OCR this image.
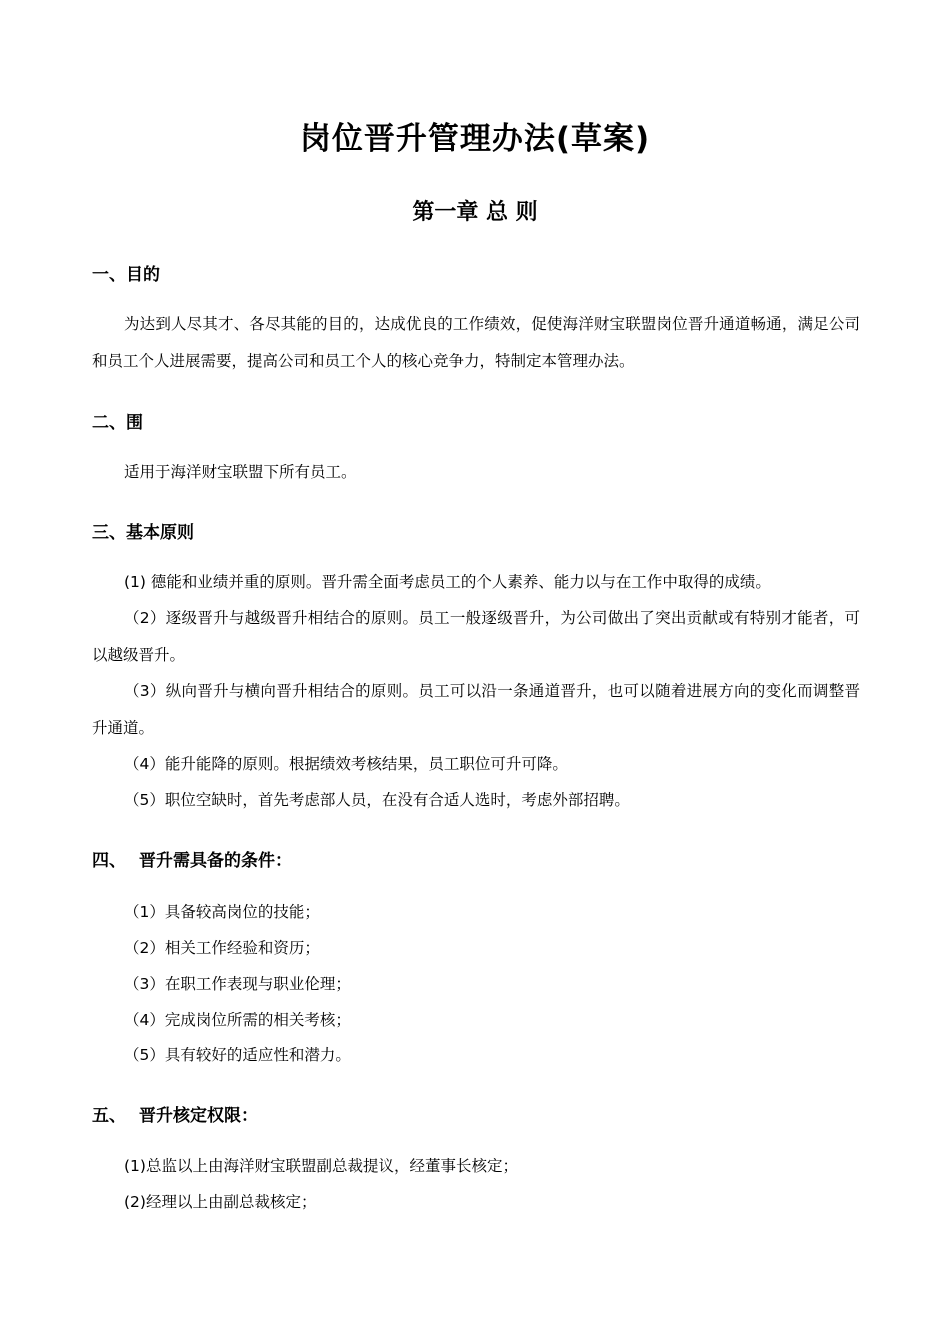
岗位晋升管理办法(草案)
第一章 总 则
一、目的
为达到人尽其才、各尽其能的目的，达成优良的工作绩效，促使海洋财宝联盟岗位晋升通道畅通，满足公司和员工个人进展需要，提高公司和员工个人的核心竞争力，特制定本管理办法。
二、围
适用于海洋财宝联盟下所有员工。
三、基本原则
(1) 德能和业绩并重的原则。晋升需全面考虑员工的个人素养、能力以与在工作中取得的成绩。
（2）逐级晋升与越级晋升相结合的原则。员工一般逐级晋升，为公司做出了突出贡献或有特别才能者，可以越级晋升。
（3）纵向晋升与横向晋升相结合的原则。员工可以沿一条通道晋升，也可以随着进展方向的变化而调整晋升通道。
（4）能升能降的原则。根据绩效考核结果，员工职位可升可降。
（5）职位空缺时，首先考虑部人员，在没有合适人选时，考虑外部招聘。
四、 晋升需具备的条件：
（1）具备较高岗位的技能；
（2）相关工作经验和资历；
（3）在职工作表现与职业伦理；
（4）完成岗位所需的相关考核；
（5）具有较好的适应性和潜力。
五、 晋升核定权限：
(1)总监以上由海洋财宝联盟副总裁提议，经董事长核定；
(2)经理以上由副总裁核定；
